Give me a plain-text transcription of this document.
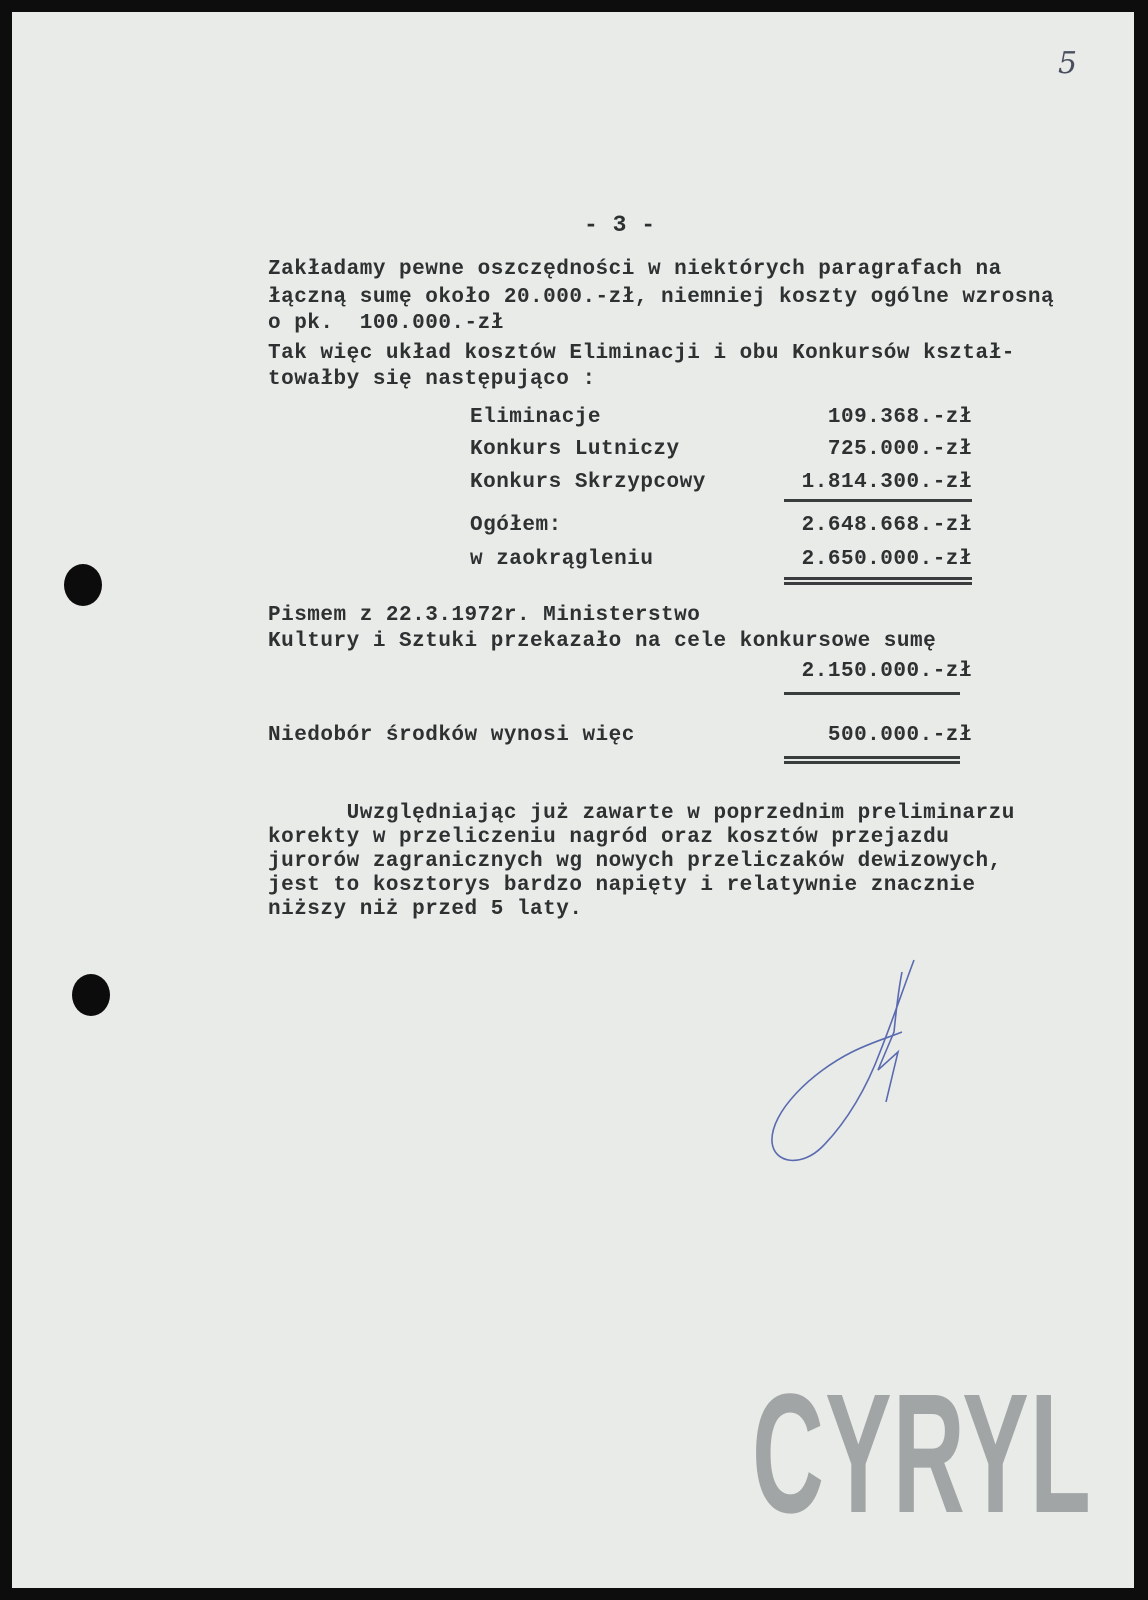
5
- 3 -
Zakładamy pewne oszczędności w niektórych paragrafach na
łączną sumę około 20.000.-zł, niemniej koszty ogólne wzrosną
o pk.  100.000.-zł
Tak więc układ kosztów Eliminacji i obu Konkursów kształ-
towałby się następująco :
Eliminacje	109.368.-zł
Konkurs Lutniczy	725.000.-zł
Konkurs Skrzypcowy	1.814.300.-zł
Ogółem:	2.648.668.-zł
w zaokrągleniu	2.650.000.-zł
Pismem z 22.3.1972r. Ministerstwo
Kultury i Sztuki przekazało na cele konkursowe sumę
2.150.000.-zł
Niedobór środków wynosi więc	500.000.-zł
Uwzględniając już zawarte w poprzednim preliminarzu
korekty w przeliczeniu nagród oraz kosztów przejazdu
jurorów zagranicznych wg nowych przeliczaków dewizowych,
jest to kosztorys bardzo napięty i relatywnie znacznie
niższy niż przed 5 laty.
CYRYL
